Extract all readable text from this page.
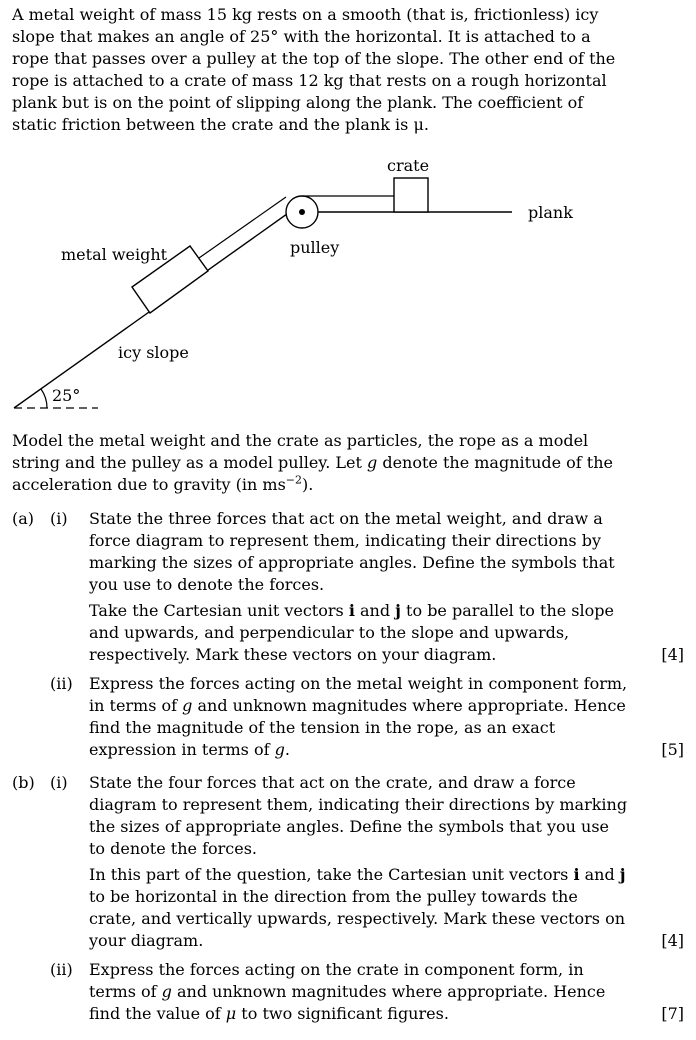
A metal weight of mass 15 kg rests on a smooth (that is, frictionless) icy slope that makes an angle of 25° with the horizontal. It is attached to a rope that passes over a pulley at the top of the slope. The other end of the rope is attached to a crate of mass 12 kg that rests on a rough horizontal plank but is on the point of slipping along the plank. The coefficient of static friction between the crate and the plank is μ.
crate
plank
metal weight	pulley
icy slope
25°
Model the metal weight and the crate as particles, the rope as a model string and the pulley as a model pulley. Let g denote the magnitude of the acceleration due to gravity (in $ms^{-2}$).
(a) (i) State the three forces that act on the metal weight, and draw a force diagram to represent them, indicating their directions by marking the sizes of appropriate angles. Define the symbols that you use to denote the forces.

Take the Cartesian unit vectors i and j to be parallel to the slope and upwards, and perpendicular to the slope and upwards, respectively. Mark these vectors on your diagram.	[4]
(ii) Express the forces acting on the metal weight in component form, in terms of g and unknown magnitudes where appropriate. Hence find the magnitude of the tension in the rope, as an exact expression in terms of g.	[5]
(b) (i) State the four forces that act on the crate, and draw a force diagram to represent them, indicating their directions by marking the sizes of appropriate angles. Define the symbols that you use to denote the forces.

In this part of the question, take the Cartesian unit vectors i and j to be horizontal in the direction from the pulley towards the crate, and vertically upwards, respectively. Mark these vectors on your diagram.	[4]
(ii) Express the forces acting on the crate in component form, in terms of g and unknown magnitudes where appropriate. Hence find the value of μ to two significant figures.	[7]
